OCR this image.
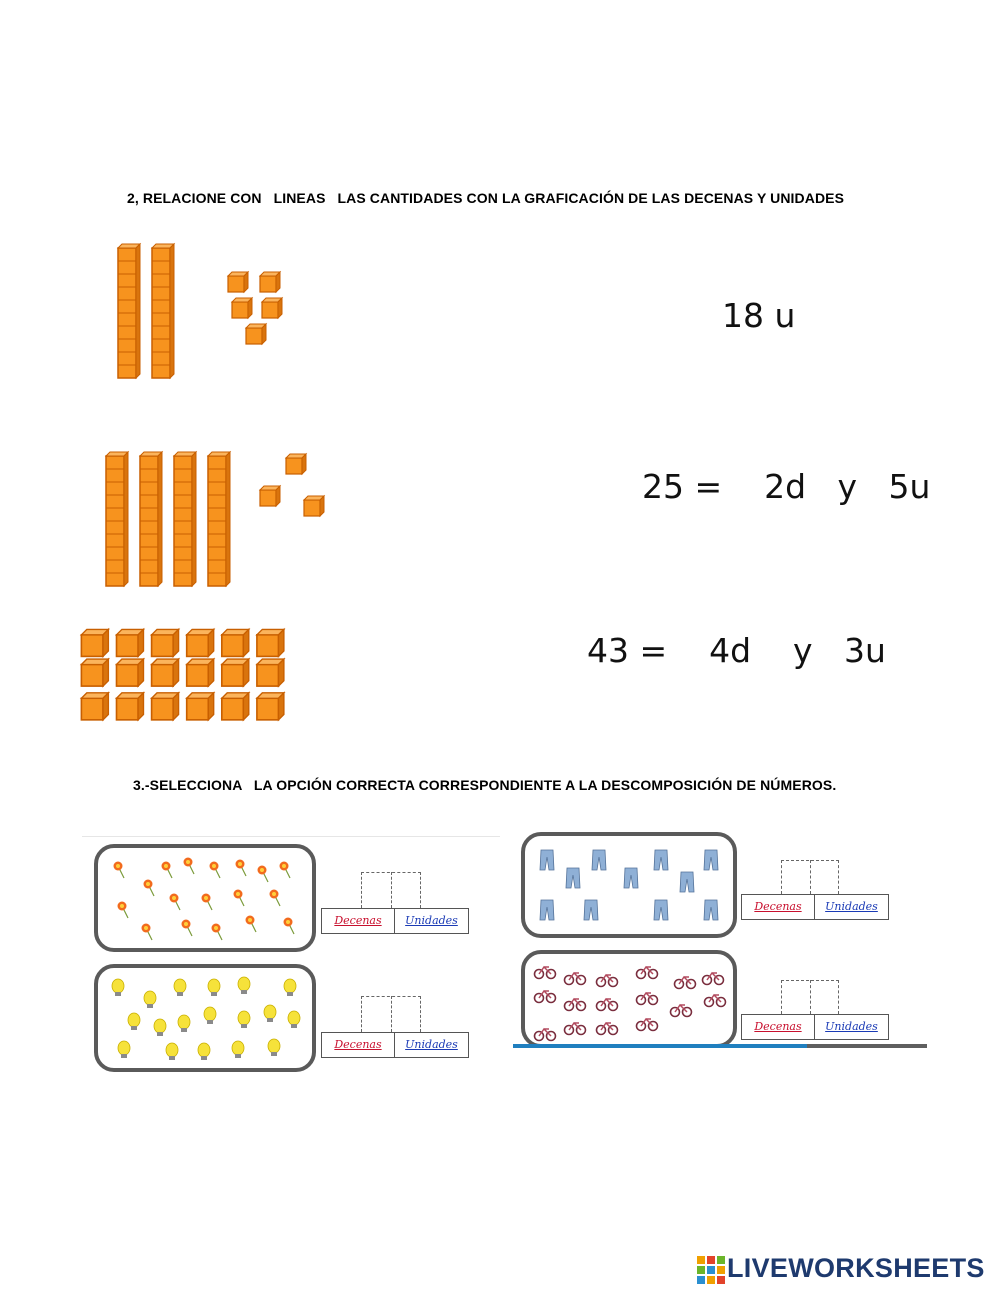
2, RELACIONE CON   LINEAS   LAS CANTIDADES CON LA GRAFICACIÓN DE LAS DECENAS Y UNIDADES
18 u
25 =    2d   y   5u
43 =    4d    y   3u
3.-SELECCIONA   LA OPCIÓN CORRECTA CORRESPONDIENTE A LA DESCOMPOSICIÓN DE NÚMEROS.
Decenas	Unidades
Decenas	Unidades
Decenas	Unidades
Decenas	Unidades
LIVEWORKSHEETS
